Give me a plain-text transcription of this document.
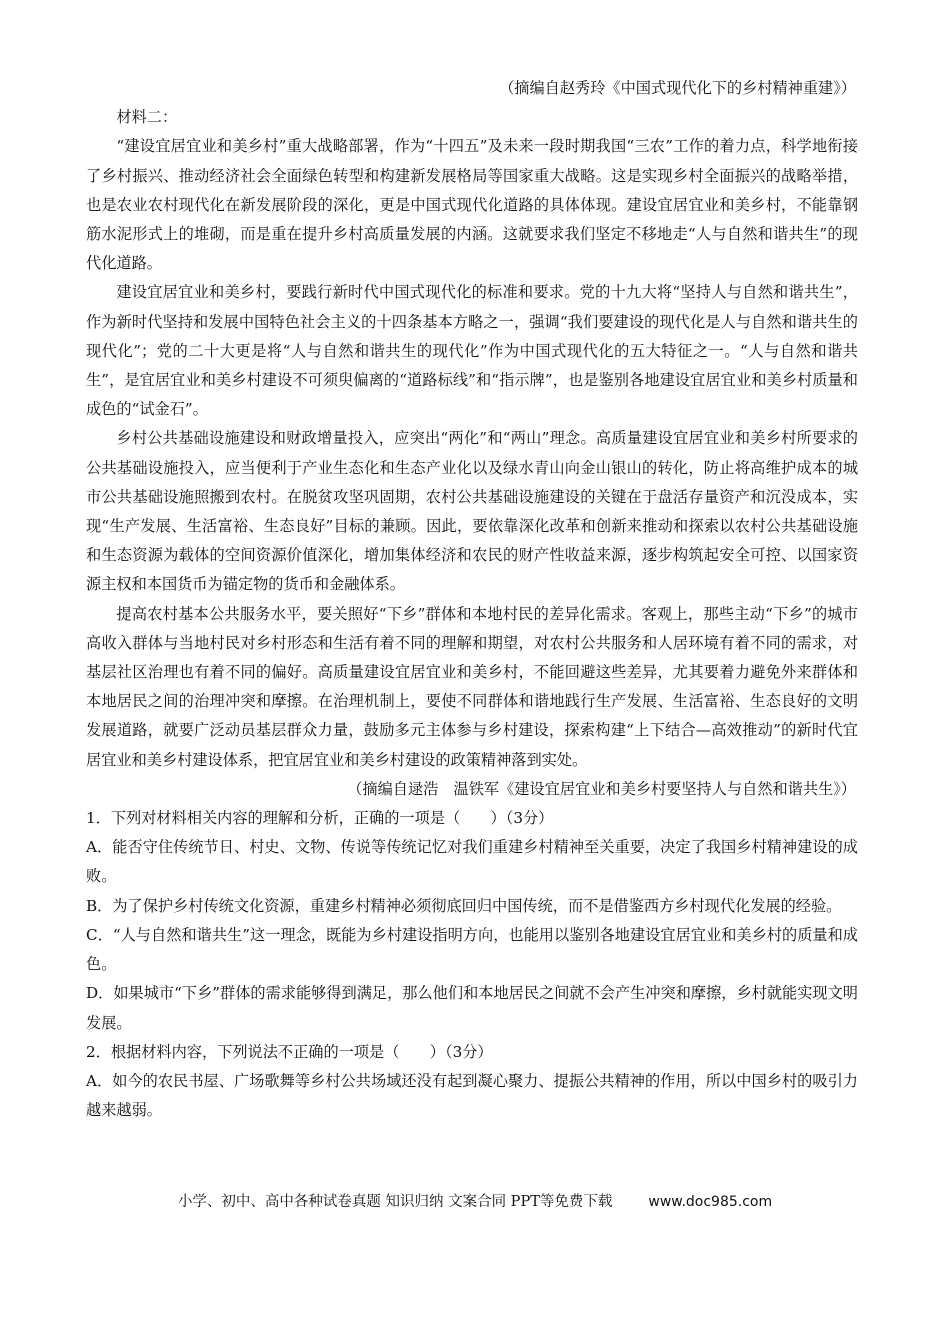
（摘编自赵秀玲《中国式现代化下的乡村精神重建》）

材料二：

“建设宜居宜业和美乡村”重大战略部署，作为“十四五”及未来一段时期我国“三农”工作的着力点，科学地衔接了乡村振兴、推动经济社会全面绿色转型和构建新发展格局等国家重大战略。这是实现乡村全面振兴的战略举措，也是农业农村现代化在新发展阶段的深化，更是中国式现代化道路的具体体现。建设宜居宜业和美乡村，不能靠钢筋水泥形式上的堆砌，而是重在提升乡村高质量发展的内涵。这就要求我们坚定不移地走“人与自然和谐共生”的现代化道路。

建设宜居宜业和美乡村，要践行新时代中国式现代化的标准和要求。党的十九大将“坚持人与自然和谐共生”，作为新时代坚持和发展中国特色社会主义的十四条基本方略之一，强调“我们要建设的现代化是人与自然和谐共生的现代化”；党的二十大更是将“人与自然和谐共生的现代化”作为中国式现代化的五大特征之一。“人与自然和谐共生”，是宜居宜业和美乡村建设不可须臾偏离的“道路标线”和“指示牌”，也是鉴别各地建设宜居宜业和美乡村质量和成色的“试金石”。

乡村公共基础设施建设和财政增量投入，应突出“两化”和“两山”理念。高质量建设宜居宜业和美乡村所要求的公共基础设施投入，应当便利于产业生态化和生态产业化以及绿水青山向金山银山的转化，防止将高维护成本的城市公共基础设施照搬到农村。在脱贫攻坚巩固期，农村公共基础设施建设的关键在于盘活存量资产和沉没成本，实现“生产发展、生活富裕、生态良好”目标的兼顾。因此，要依靠深化改革和创新来推动和探索以农村公共基础设施和生态资源为载体的空间资源价值深化，增加集体经济和农民的财产性收益来源，逐步构筑起安全可控、以国家资源主权和本国货币为锚定物的货币和金融体系。

提高农村基本公共服务水平，要关照好“下乡”群体和本地村民的差异化需求。客观上，那些主动“下乡”的城市高收入群体与当地村民对乡村形态和生活有着不同的理解和期望，对农村公共服务和人居环境有着不同的需求，对基层社区治理也有着不同的偏好。高质量建设宜居宜业和美乡村，不能回避这些差异，尤其要着力避免外来群体和本地居民之间的治理冲突和摩擦。在治理机制上，要使不同群体和谐地践行生产发展、生活富裕、生态良好的文明发展道路，就要广泛动员基层群众力量，鼓励多元主体参与乡村建设，探索构建“上下结合—高效推动”的新时代宜居宜业和美乡村建设体系，把宜居宜业和美乡村建设的政策精神落到实处。

（摘编自逯浩　温铁军《建设宜居宜业和美乡村要坚持人与自然和谐共生》）

1．下列对材料相关内容的理解和分析，正确的一项是（　　）（3分）

A．能否守住传统节日、村史、文物、传说等传统记忆对我们重建乡村精神至关重要，决定了我国乡村精神建设的成败。

B．为了保护乡村传统文化资源，重建乡村精神必须彻底回归中国传统，而不是借鉴西方乡村现代化发展的经验。

C．“人与自然和谐共生”这一理念，既能为乡村建设指明方向，也能用以鉴别各地建设宜居宜业和美乡村的质量和成色。

D．如果城市“下乡”群体的需求能够得到满足，那么他们和本地居民之间就不会产生冲突和摩擦，乡村就能实现文明发展。

2．根据材料内容，下列说法不正确的一项是（　　）（3分）

A．如今的农民书屋、广场歌舞等乡村公共场域还没有起到凝心聚力、提振公共精神的作用，所以中国乡村的吸引力越来越弱。

小学、初中、高中各种试卷真题 知识归纳 文案合同 PPT等免费下载	www.doc985.com
